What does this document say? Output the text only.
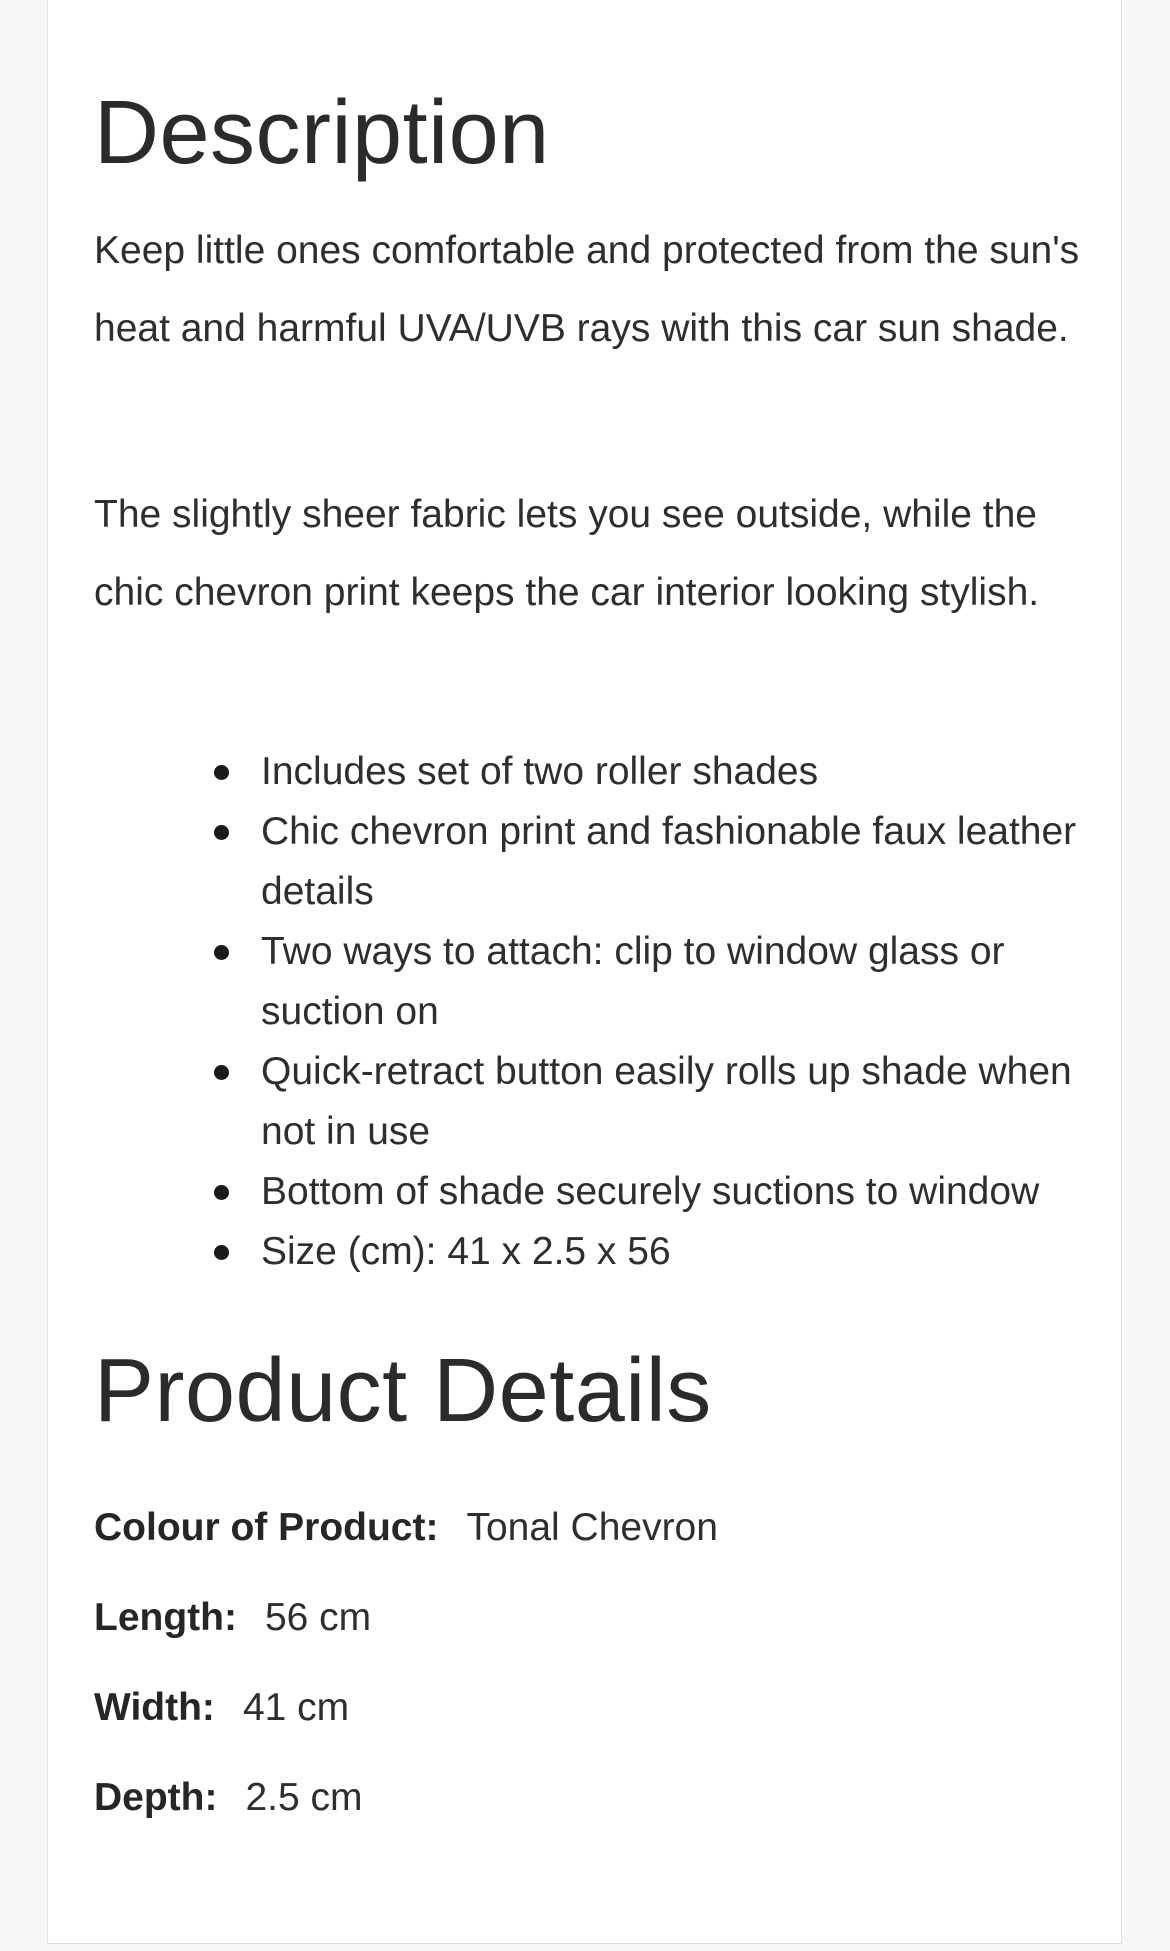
Description

Keep little ones comfortable and protected from the sun's heat and harmful UVA/UVB rays with this car sun shade.

The slightly sheer fabric lets you see outside, while the chic chevron print keeps the car interior looking stylish.

Includes set of two roller shades
Chic chevron print and fashionable faux leather details
Two ways to attach: clip to window glass or suction on
Quick-retract button easily rolls up shade when not in use
Bottom of shade securely suctions to window
Size (cm): 41 x 2.5 x 56
Product Details
Colour of Product: Tonal Chevron
Length: 56 cm
Width: 41 cm
Depth: 2.5 cm
